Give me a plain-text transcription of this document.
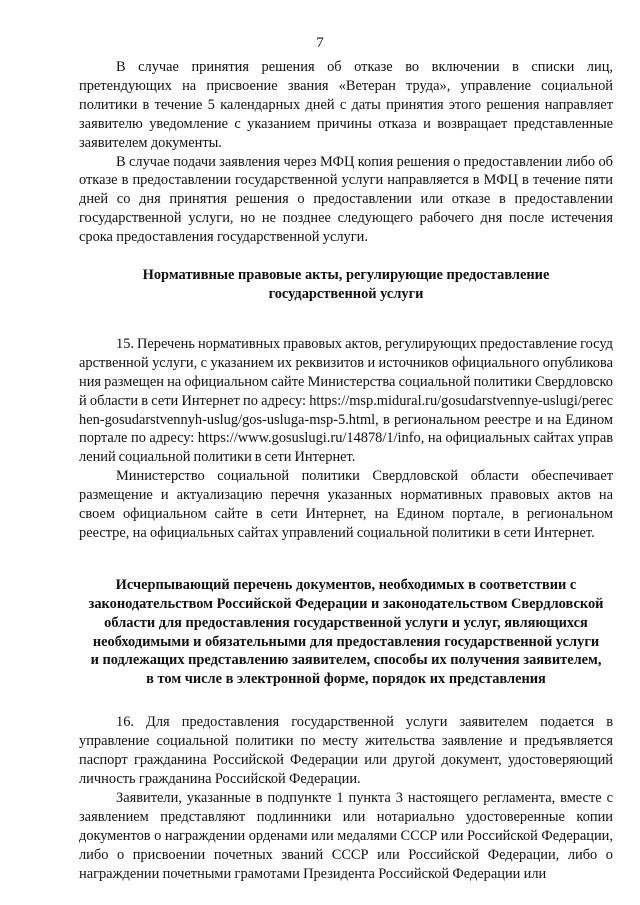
7

В случае принятия решения об отказе во включении в списки лиц, претендующих на присвоение звания «Ветеран труда», управление социальной политики в течение 5 календарных дней с даты принятия этого решения направляет заявителю уведомление с указанием причины отказа и возвращает представленные заявителем документы.

В случае подачи заявления через МФЦ копия решения о предоставлении либо об отказе в предоставлении государственной услуги направляется в МФЦ в течение пяти дней со дня принятия решения о предоставлении или отказе в предоставлении государственной услуги, но не позднее следующего рабочего дня после истечения срока предоставления государственной услуги.

Нормативные правовые акты, регулирующие предоставление государственной услуги

15. Перечень нормативных правовых актов, регулирующих предоставление государственной услуги, с указанием их реквизитов и источников официального опубликования размещен на официальном сайте Министерства социальной политики Свердловской области в сети Интернет по адресу: https://msp.midural.ru/gosudarstvennye-uslugi/perechen-gosudarstvennyh-uslug/gos-usluga-msp-5.html, в региональном реестре и на Едином портале по адресу: https://www.gosuslugi.ru/14878/1/info, на официальных сайтах управлений социальной политики в сети Интернет.

Министерство социальной политики Свердловской области обеспечивает размещение и актуализацию перечня указанных нормативных правовых актов на своем официальном сайте в сети Интернет, на Едином портале, в региональном реестре, на официальных сайтах управлений социальной политики в сети Интернет.

Исчерпывающий перечень документов, необходимых в соответствии с законодательством Российской Федерации и законодательством Свердловской области для предоставления государственной услуги и услуг, являющихся необходимыми и обязательными для предоставления государственной услуги и подлежащих представлению заявителем, способы их получения заявителем, в том числе в электронной форме, порядок их представления

16. Для предоставления государственной услуги заявителем подается в управление социальной политики по месту жительства заявление и предъявляется паспорт гражданина Российской Федерации или другой документ, удостоверяющий личность гражданина Российской Федерации.

Заявители, указанные в подпункте 1 пункта 3 настоящего регламента, вместе с заявлением представляют подлинники или нотариально удостоверенные копии документов о награждении орденами или медалями СССР или Российской Федерации, либо о присвоении почетных званий СССР или Российской Федерации, либо о награждении почетными грамотами Президента Российской Федерации или
